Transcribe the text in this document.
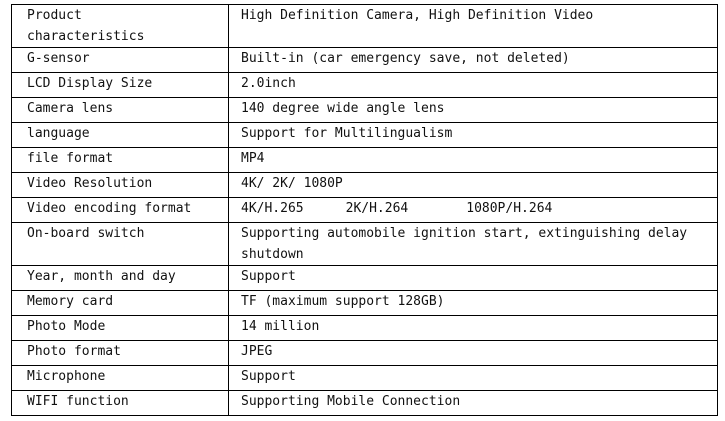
Product
characteristics	High Definition Camera, High Definition Video
G-sensor	Built-in (car emergency save, not deleted)
LCD Display Size	2.0inch
Camera lens	140 degree wide angle lens
language	Support for Multilingualism
file format	MP4
Video Resolution	4K/ 2K/ 1080P
Video encoding format	4K/H.265 2K/H.264 1080P/H.264
On-board switch	Supporting automobile ignition start, extinguishing delay
shutdown
Year, month and day	Support
Memory card	TF (maximum support 128GB)
Photo Mode	14 million
Photo format	JPEG
Microphone	Support
WIFI function	Supporting Mobile Connection
